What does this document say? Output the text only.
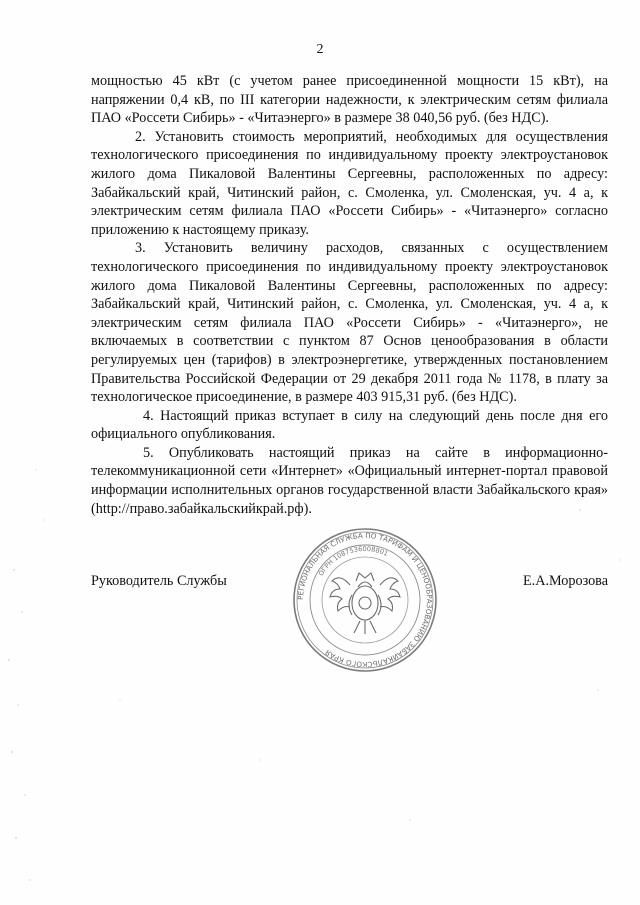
2

мощностью 45 кВт (с учетом ранее присоединенной мощности 15 кВт), на напряжении 0,4 кВ, по III категории надежности, к электрическим сетям филиала ПАО «Россети Сибирь» - «Читаэнерго» в размере 38 040,56 руб. (без НДС).

2. Установить стоимость мероприятий, необходимых для осуществления технологического присоединения по индивидуальному проекту электроустановок жилого дома Пикаловой Валентины Сергеевны, расположенных по адресу: Забайкальский край, Читинский район, с. Смоленка, ул. Смоленская, уч. 4 а, к электрическим сетям филиала ПАО «Россети Сибирь» - «Читаэнерго» согласно приложению к настоящему приказу.

3. Установить величину расходов, связанных с осуществлением технологического присоединения по индивидуальному проекту электроустановок жилого дома Пикаловой Валентины Сергеевны, расположенных по адресу: Забайкальский край, Читинский район, с. Смоленка, ул. Смоленская, уч. 4 а, к электрическим сетям филиала ПАО «Россети Сибирь» - «Читаэнерго», не включаемых в соответствии с пунктом 87 Основ ценообразования в области регулируемых цен (тарифов) в электроэнергетике, утвержденных постановлением Правительства Российской Федерации от 29 декабря 2011 года № 1178, в плату за технологическое присоединение, в размере 403 915,31 руб. (без НДС).

4. Настоящий приказ вступает в силу на следующий день после дня его официального опубликования.

5. Опубликовать настоящий приказ на сайте в информационно-телекоммуникационной сети «Интернет» «Официальный интернет-портал правовой информации исполнительных органов государственной власти Забайкальского края» (http://право.забайкальскийкрай.рф).

РЕГИОНАЛЬНАЯ СЛУЖБА ПО ТАРИФАМ И ЦЕНООБРАЗОВАНИЮ ЗАБАЙКАЛЬСКОГО КРАЯ
ОГРН 1087536008801
Руководитель Службы	Е.А.Морозова
